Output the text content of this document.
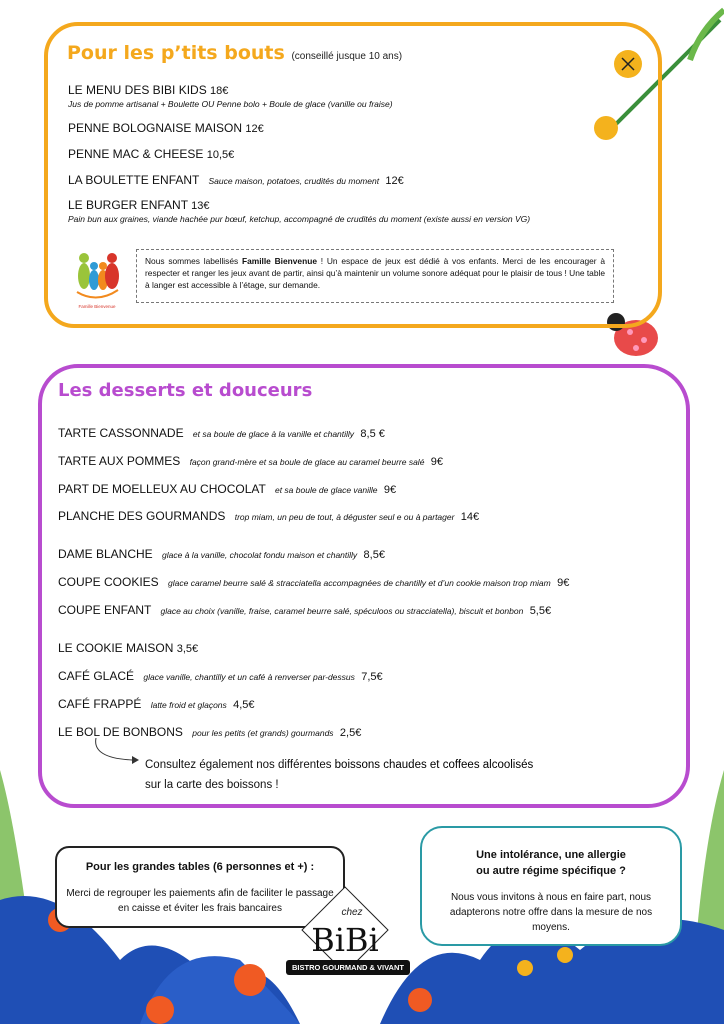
Pour les p’tits bouts (conseillé jusque 10 ans)
LE MENU DES BIBI KIDS 18€
Jus de pomme artisanal + Boulette OU Penne bolo + Boule de glace (vanille ou fraise)
PENNE BOLOGNAISE MAISON 12€
PENNE MAC & CHEESE 10,5€
LA BOULETTE ENFANT Sauce maison, potatoes, crudités du moment 12€
LE BURGER ENFANT 13€
Pain bun aux graines, viande hachée pur bœuf, ketchup, accompagné de crudités du moment (existe aussi en version VG)
Famille Bienvenue
Nous sommes labellisés Famille Bienvenue ! Un espace de jeux est dédié à vos enfants. Merci de les encourager à respecter et ranger les jeux avant de partir, ainsi qu’à maintenir un volume sonore adéquat pour le plaisir de tous ! Une table à langer est accessible à l’étage, sur demande.
Les desserts et douceurs
TARTE CASSONNADE et sa boule de glace à la vanille et chantilly 8,5 €
TARTE AUX POMMES façon grand-mère et sa boule de glace au caramel beurre salé 9€
PART DE MOELLEUX AU CHOCOLAT et sa boule de glace vanille 9€
PLANCHE DES GOURMANDS trop miam, un peu de tout, à déguster seul e ou à partager 14€
DAME BLANCHE glace à la vanille, chocolat fondu maison et chantilly 8,5€
COUPE COOKIES glace caramel beurre salé & stracciatella accompagnées de chantilly et d’un cookie maison trop miam 9€
COUPE ENFANT glace au choix (vanille, fraise, caramel beurre salé, spéculoos ou stracciatella), biscuit et bonbon 5,5€
LE COOKIE MAISON 3,5€
CAFÉ GLACÉ glace vanille, chantilly et un café à renverser par-dessus 7,5€
CAFÉ FRAPPÉ latte froid et glaçons 4,5€
LE BOL DE BONBONS pour les petits (et grands) gourmands 2,5€
Consultez également nos différentes boissons chaudes et coffees alcoolisés
sur la carte des boissons !
Pour les grandes tables (6 personnes et +) :

Merci de regrouper les paiements afin de faciliter le passage en caisse et éviter les frais bancaires

Une intolérance, une allergie
ou autre régime spécifique ?

Nous vous invitons à nous en faire part, nous adapterons notre offre dans la mesure de nos moyens.

chez
BiBi
BISTRO GOURMAND & VIVANT
